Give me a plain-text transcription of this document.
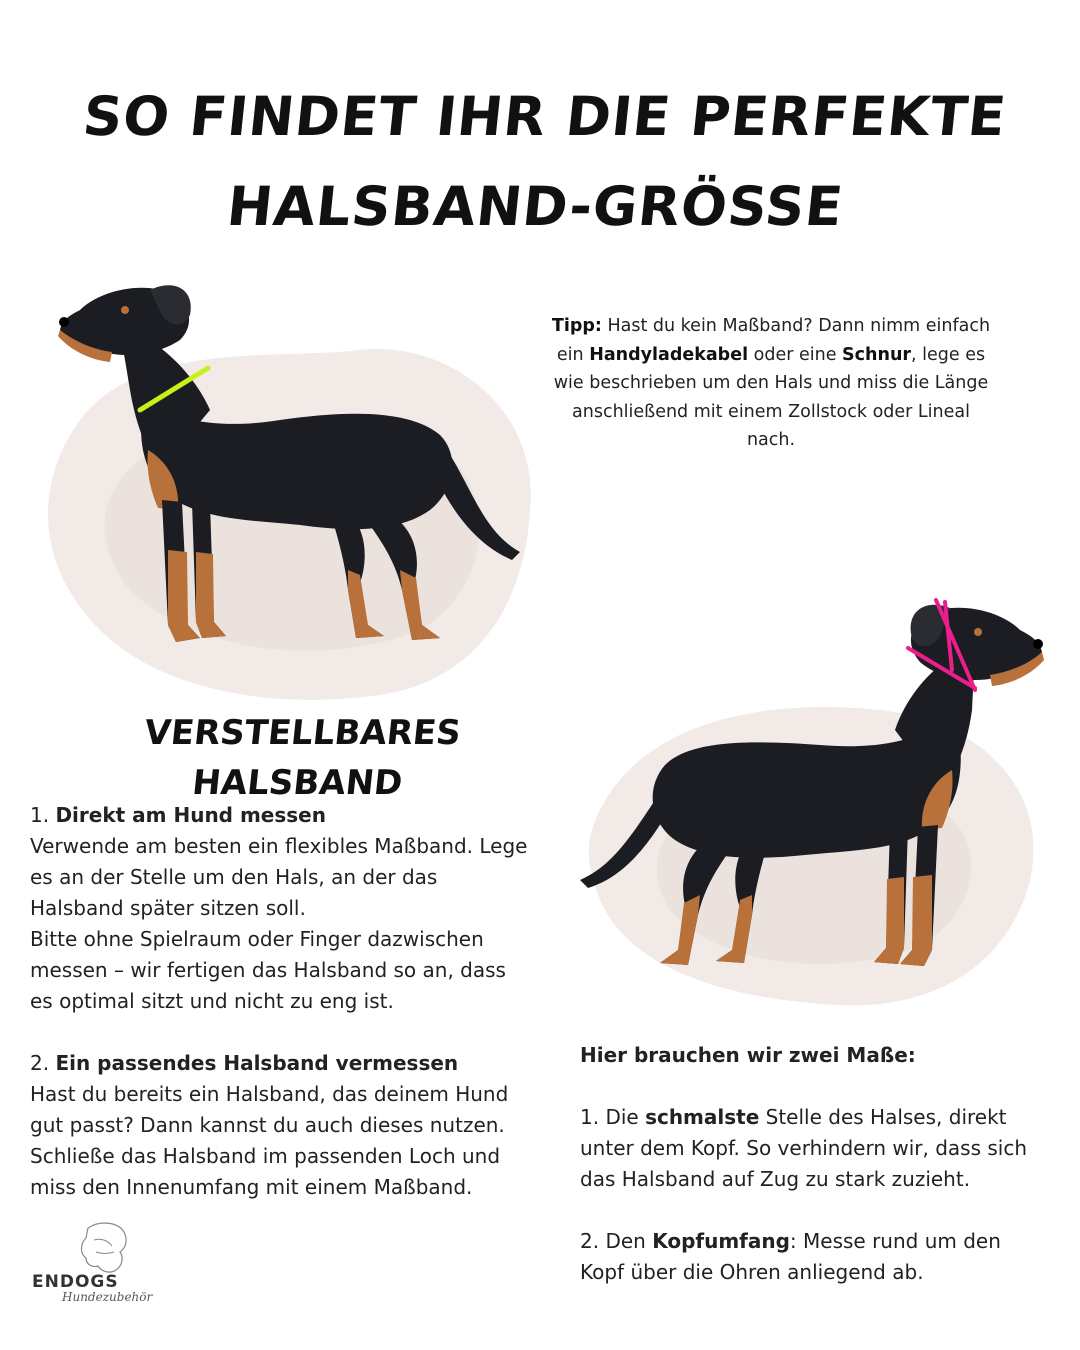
SO FINDET IHR DIE PERFEKTE
HALSBAND-GRÖSSE
Tipp: Hast du kein Maßband? Dann nimm einfach ein Handyladekabel oder eine Schnur, lege es wie beschrieben um den Hals und miss die Länge anschließend mit einem Zollstock oder Lineal nach.
VERSTELLBARES HALSBAND

1. Direkt am Hund messen

Verwende am besten ein flexibles Maßband. Lege es an der Stelle um den Hals, an der das Halsband später sitzen soll.

Bitte ohne Spielraum oder Finger dazwischen messen – wir fertigen das Halsband so an, dass es optimal sitzt und nicht zu eng ist.

2. Ein passendes Halsband vermessen

Hast du bereits ein Halsband, das deinem Hund gut passt? Dann kannst du auch dieses nutzen. Schließe das Halsband im passenden Loch und miss den Innenumfang mit einem Maßband.

Hier brauchen wir zwei Maße:

1. Die schmalste Stelle des Halses, direkt unter dem Kopf. So verhindern wir, dass sich das Halsband auf Zug zu stark zuzieht.

2. Den Kopfumfang: Messe rund um den Kopf über die Ohren anliegend ab.

ENDOGS
Hundezubehör
